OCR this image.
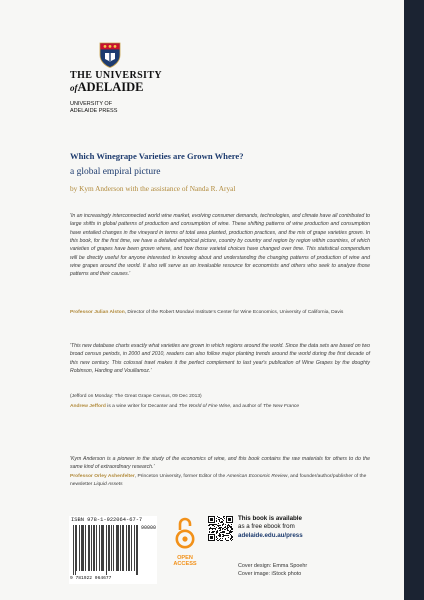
THE UNIVERSITY
ofADELAIDE
UNIVERSITY OF
ADELAIDE PRESS
Which Winegrape Varieties are Grown Where?
a global empiral picture
by Kym Anderson with the assistance of Nanda R. Aryal
'In an increasingly interconnected world wine market, evolving consumer demands, technologies, and climate have all contributed to large shifts in global patterns of production and consumption of wine. These shifting patterns of wine production and consumption have entailed changes in the vineyard in terms of total area planted, production practices, and the mix of grape varieties grown. In this book, for the first time, we have a detailed empirical picture, country by country and region by region within countries, of which varieties of grapes have been grown where, and how those varietal choices have changed over time. This statistical compendium will be directly useful for anyone interested in knowing about and understanding the changing patterns of production of wine and wine grapes around the world. It also will serve as an invaluable resource for economists and others who seek to analyze those patterns and their causes.'
Professor Julian Alston, Director of the Robert Mondavi Institute's Center for Wine Economics, University of California, Davis
'This new database charts exactly what varieties are grown in which regions around the world. Since the data sets are based on two broad census periods, in 2000 and 2010, readers can also follow major planting trends around the world during the first decade of this new century. This colossal trawl makes it the perfect complement to last year's publication of Wine Grapes by the doughty Robinson, Harding and Vouillamoz.'
(Jefford on Monday: The Great Grape Census, 09 Dec 2013)
Andrew Jefford is a wine writer for Decanter and The World of Fine Wine, and author of The New France
'Kym Anderson is a pioneer in the study of the economics of wine, and this book contains the raw materials for others to do the same kind of extraordinary research.'
Professor Orley Ashenfelter, Princeton University, former Editor of the American Economic Review, and founder/author/publisher of the newsletter Liquid Assets
ISBN 978-1-922064-67-7
90000
9 781922 064677
OPEN
ACCESS
This book is available
as a free ebook from
adelaide.edu.au/press
Cover design: Emma Spoehr
Cover image: iStock photo
